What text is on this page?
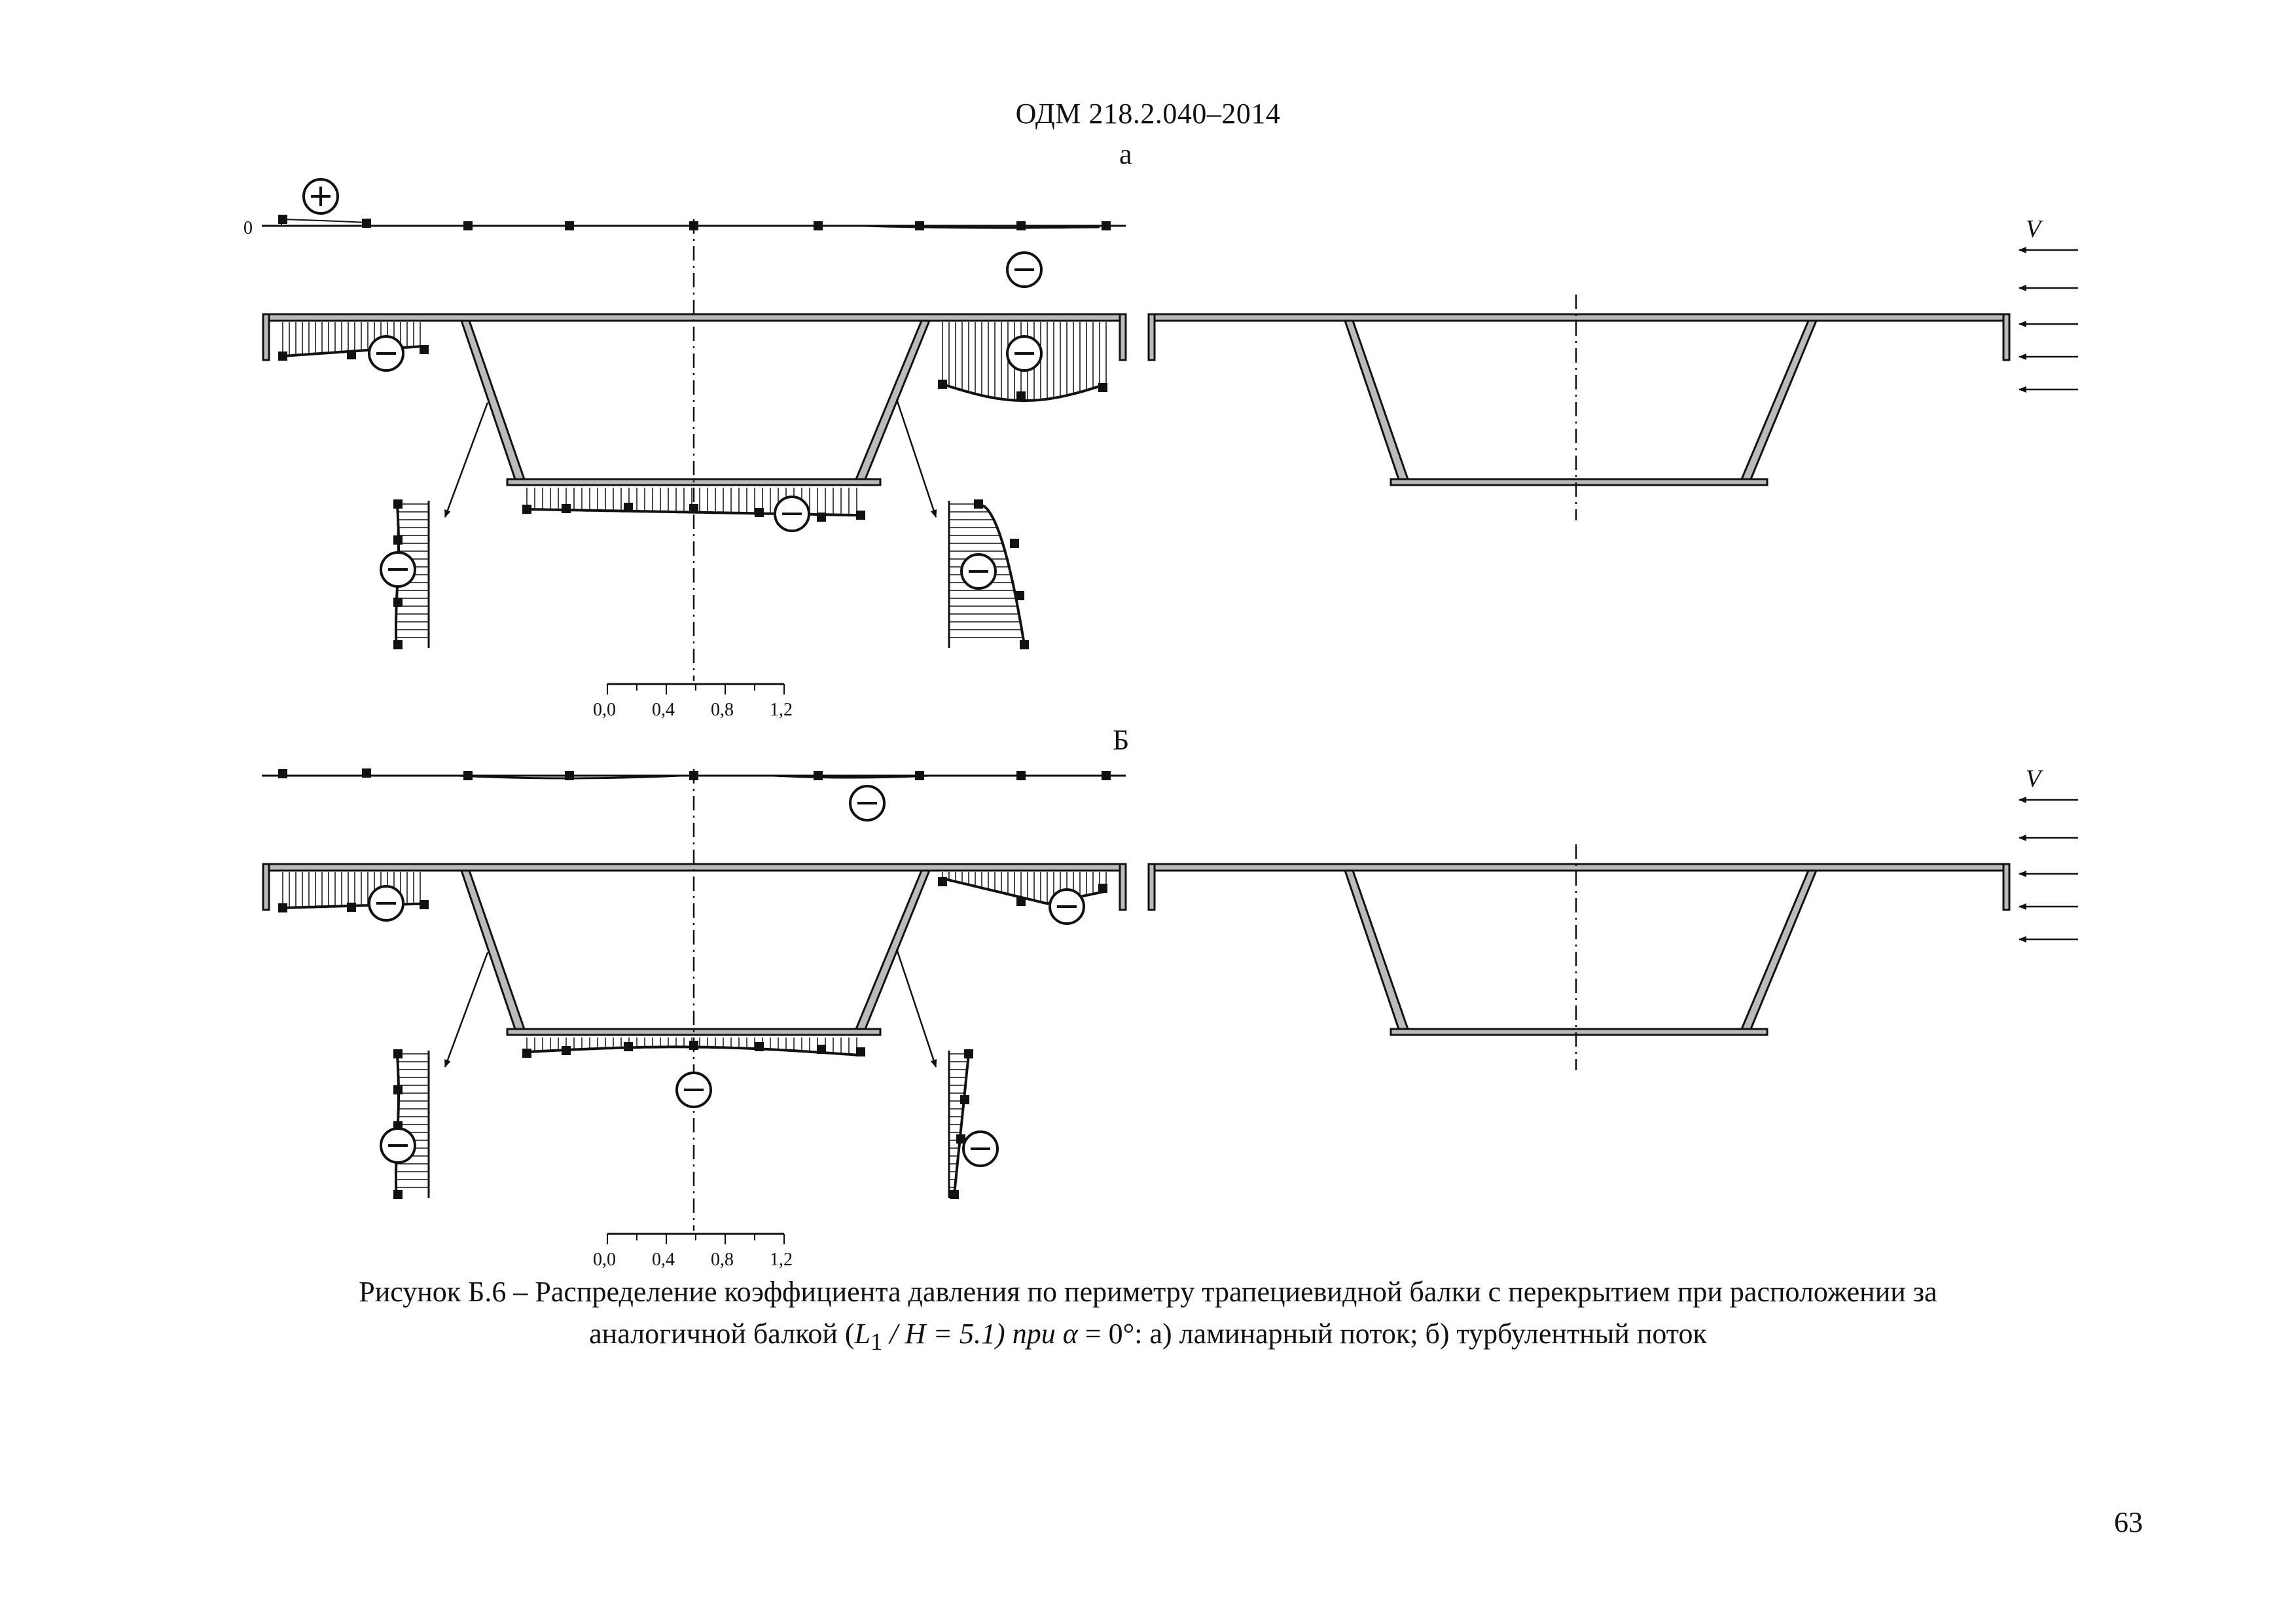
ОДМ 218.2.040–2014
а
Б
0
0,0 0,4 0,8 1,2
V
0,0 0,4 0,8 1,2
V
Рисунок Б.6 – Распределение коэффициента давления по периметру трапециевидной балки с перекрытием при расположении за
аналогичной балкой $(L_1 / H = 5.1)$ при α = 0°: а) ламинарный поток; б) турбулентный поток
63
